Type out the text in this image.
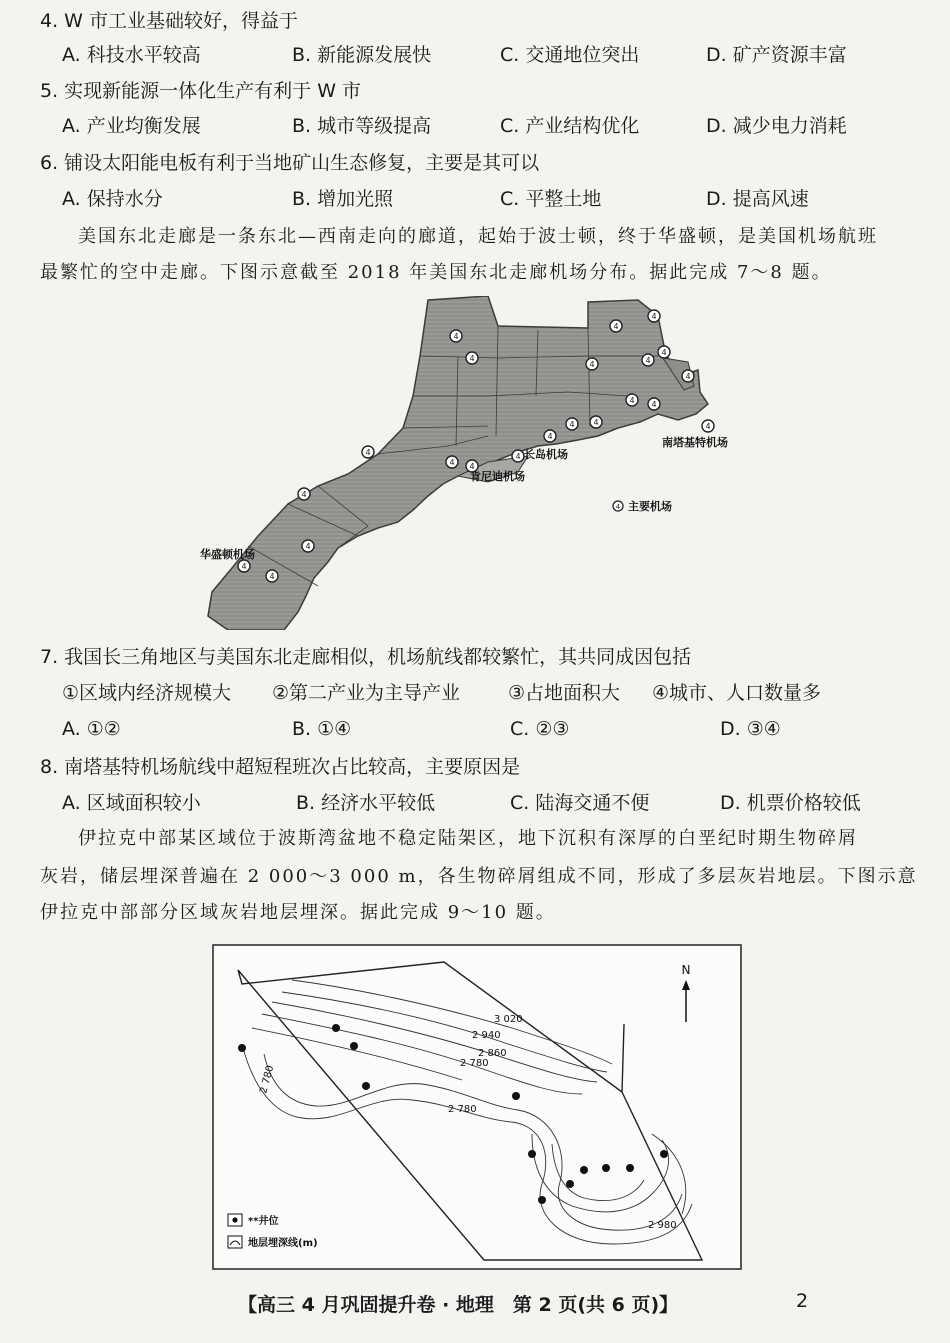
4. W 市工业基础较好，得益于
A. 科技水平较高	B. 新能源发展快	C. 交通地位突出	D. 矿产资源丰富
5. 实现新能源一体化生产有利于 W 市
A. 产业均衡发展	B. 城市等级提高	C. 产业结构优化	D. 减少电力消耗
6. 铺设太阳能电板有利于当地矿山生态修复，主要是其可以
A. 保持水分	B. 增加光照	C. 平整土地	D. 提高风速
美国东北走廊是一条东北—西南走向的廊道，起始于波士顿，终于华盛顿，是美国机场航班
最繁忙的空中走廊。下图示意截至 2018 年美国东北走廊机场分布。据此完成 7～8 题。
4
4
4
4
4	4
4
4
4 4
4
4
4
4
4
4 4
4
4
4
4
4
南塔基特机场
长岛机场
肯尼迪机场
华盛顿机场
4 主要机场
7. 我国长三角地区与美国东北走廊相似，机场航线都较繁忙，其共同成因包括
①区域内经济规模大 ②第二产业为主导产业	③占地面积大 ④城市、人口数量多
A. ①②	B. ①④	C. ②③	D. ③④
8. 南塔基特机场航线中超短程班次占比较高，主要原因是
A. 区域面积较小	B. 经济水平较低	C. 陆海交通不便	D. 机票价格较低
伊拉克中部某区域位于波斯湾盆地不稳定陆架区，地下沉积有深厚的白垩纪时期生物碎屑
灰岩，储层埋深普遍在 2 000～3 000 m，各生物碎屑组成不同，形成了多层灰岩地层。下图示意
伊拉克中部部分区域灰岩地层埋深。据此完成 9～10 题。
3 020
2 940
2 860
2 780
2 780
2 780
2 980
N
**井位
地层埋深线(m)
【高三 4 月巩固提升卷 · 地理　第 2 页(共 6 页)】	2
